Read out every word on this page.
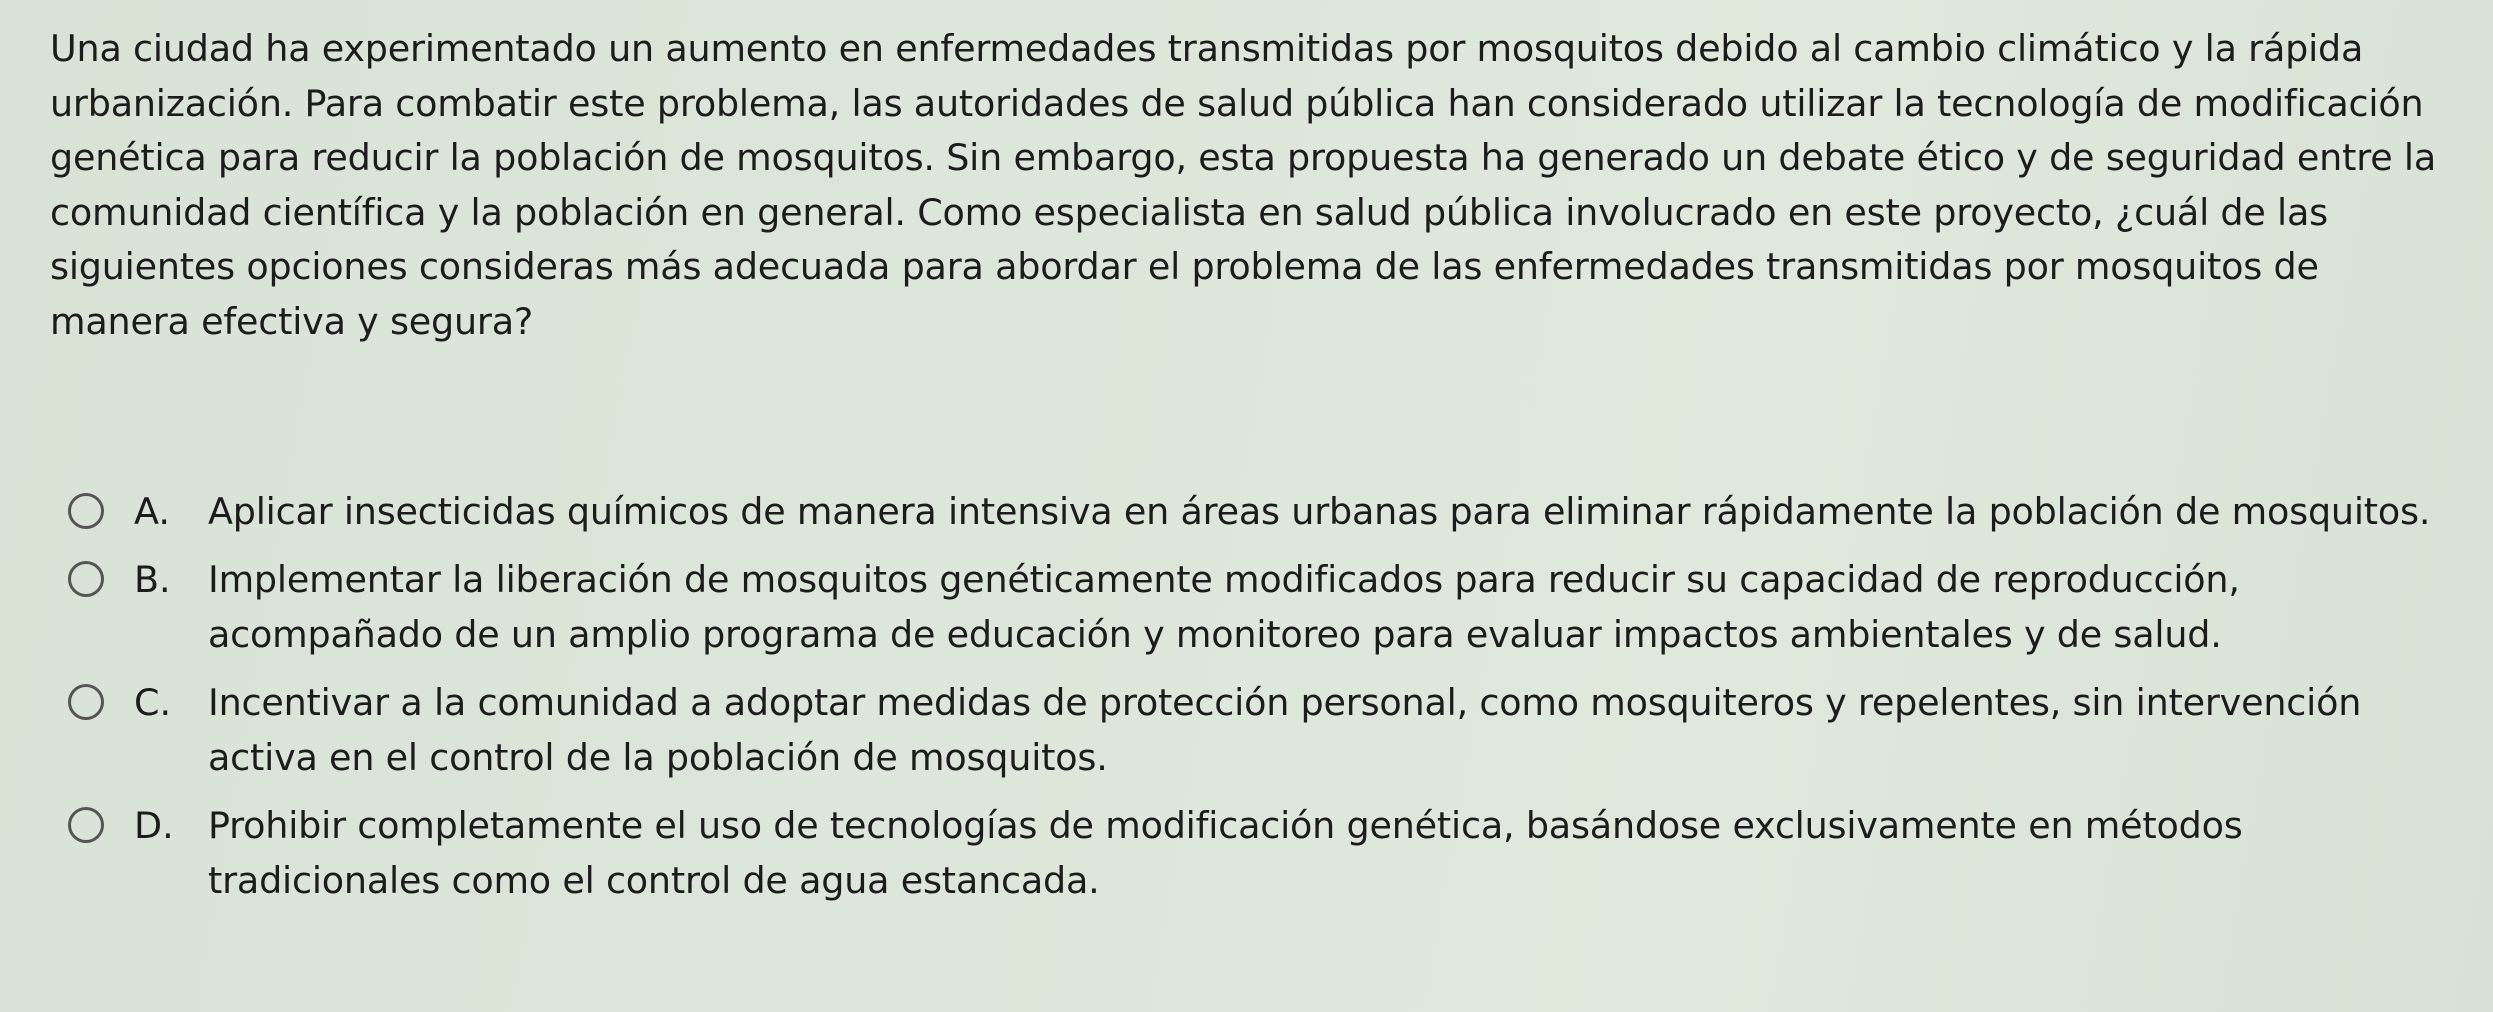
Una ciudad ha experimentado un aumento en enfermedades transmitidas por mosquitos debido al cambio climático y la rápida urbanización. Para combatir este problema, las autoridades de salud pública han considerado utilizar la tecnología de modificación genética para reducir la población de mosquitos. Sin embargo, esta propuesta ha generado un debate ético y de seguridad entre la comunidad científica y la población en general. Como especialista en salud pública involucrado en este proyecto, ¿cuál de las siguientes opciones consideras más adecuada para abordar el problema de las enfermedades transmitidas por mosquitos de manera efectiva y segura?

A.	Aplicar insecticidas químicos de manera intensiva en áreas urbanas para eliminar rápidamente la población de mosquitos.
B.	Implementar la liberación de mosquitos genéticamente modificados para reducir su capacidad de reproducción, acompañado de un amplio programa de educación y monitoreo para evaluar impactos ambientales y de salud.
C.	Incentivar a la comunidad a adoptar medidas de protección personal, como mosquiteros y repelentes, sin intervención activa en el control de la población de mosquitos.
D. Prohibir completamente el uso de tecnologías de modificación genética, basándose exclusivamente en métodos tradicionales como el control de agua estancada.
